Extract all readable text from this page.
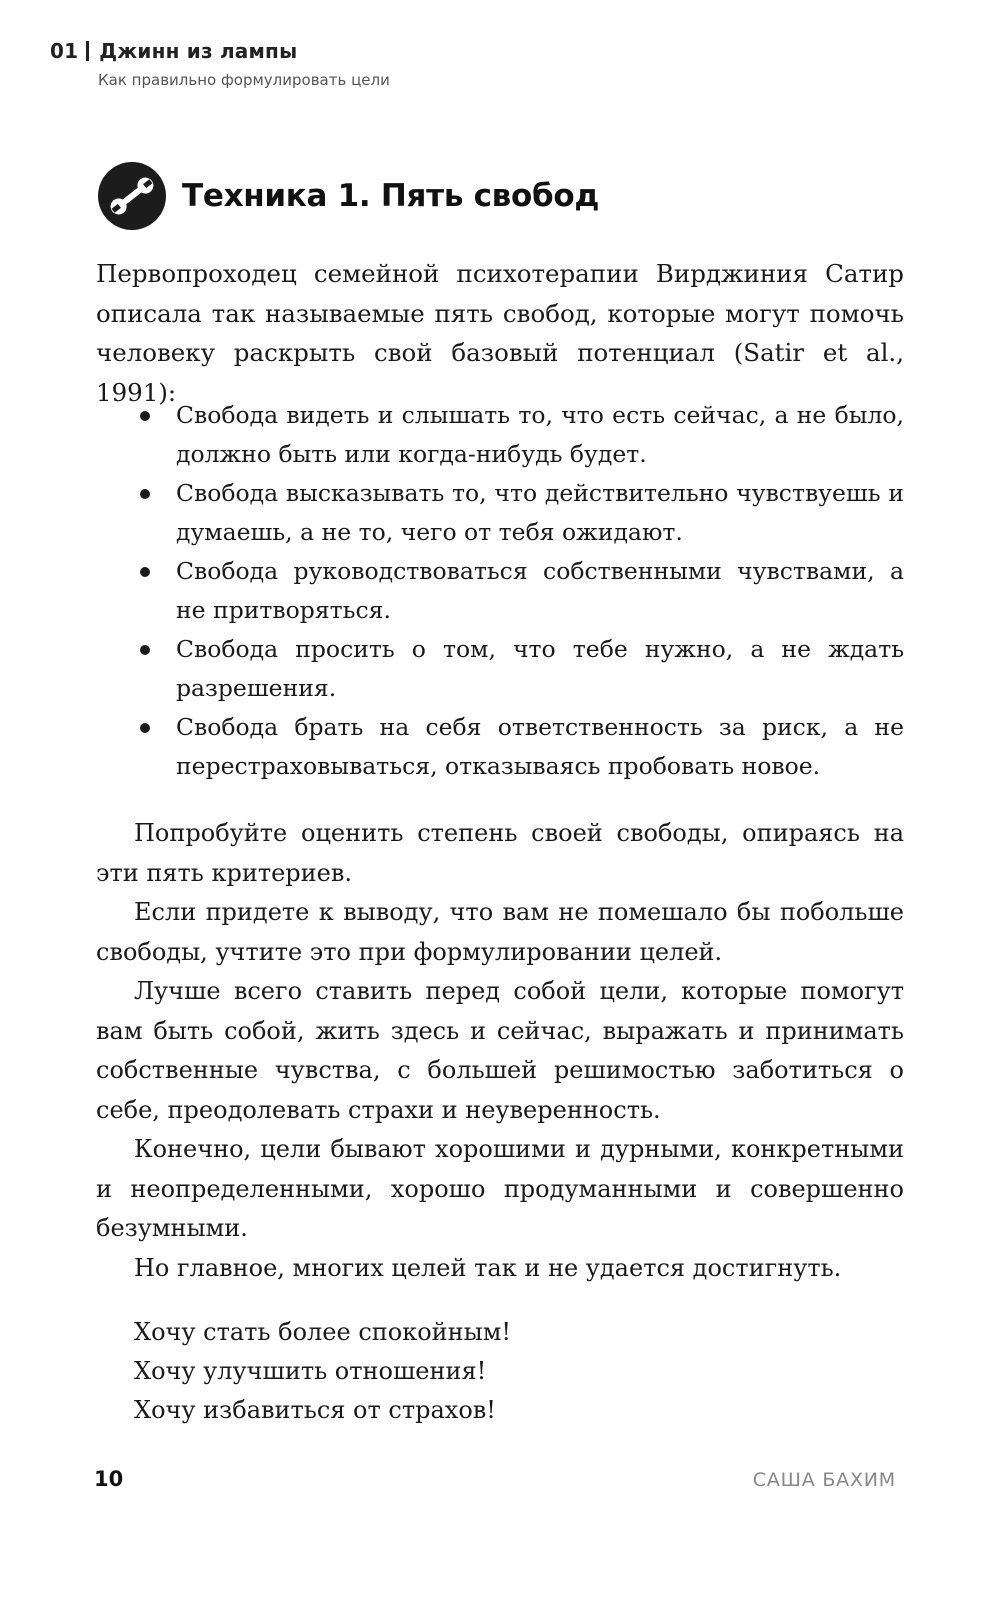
01 Джинн из лампы
Как правильно формулировать цели
Техника 1. Пять свобод

Первопроходец семейной психотерапии Вирджиния Сатир описала так называемые пять свобод, которые могут помочь человеку раскрыть свой базовый потенциал (Satir et al., 1991):

Свобода видеть и слышать то, что есть сейчас, а не было, должно быть или когда-нибудь будет.
Свобода высказывать то, что действительно чувствуешь и думаешь, а не то, чего от тебя ожидают.
Свобода руководствоваться собственными чувствами, а не притворяться.
Свобода просить о том, что тебе нужно, а не ждать разрешения.
Свобода брать на себя ответственность за риск, а не перестраховываться, отказываясь пробовать новое.

Попробуйте оценить степень своей свободы, опираясь на эти пять критериев.

Если придете к выводу, что вам не помешало бы побольше свободы, учтите это при формулировании целей.

Лучше всего ставить перед собой цели, которые помогут вам быть собой, жить здесь и сейчас, выражать и принимать собственные чувства, с большей решимостью заботиться о себе, преодолевать страхи и неуверенность.

Конечно, цели бывают хорошими и дурными, конкретными и неопределенными, хорошо продуманными и совершенно безумными.

Но главное, многих целей так и не удается достигнуть.

Хочу стать более спокойным!

Хочу улучшить отношения!

Хочу избавиться от страхов!

10	САША БАХИМ
